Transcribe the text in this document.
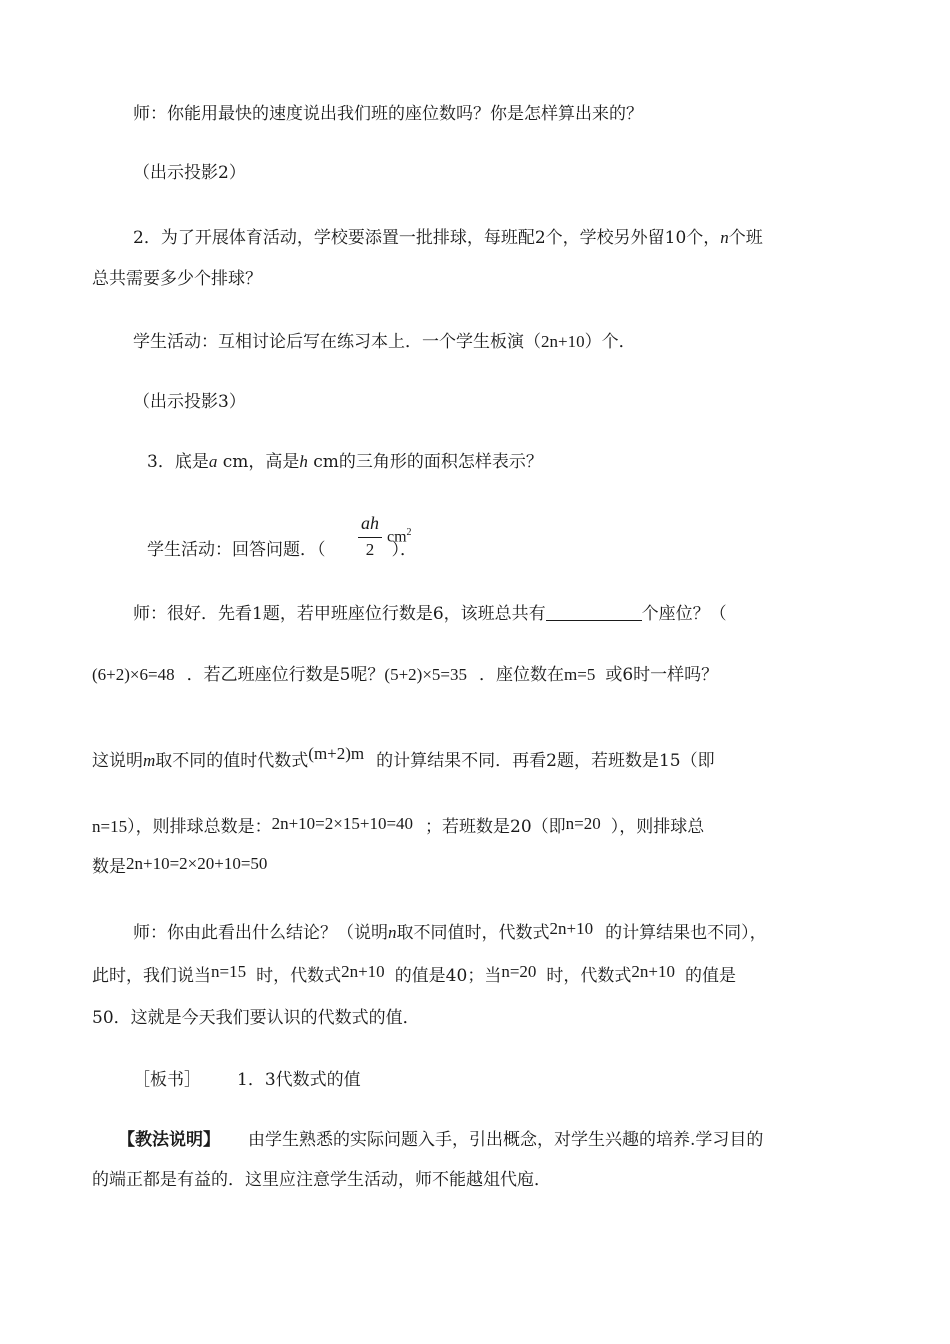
师：你能用最快的速度说出我们班的座位数吗？你是怎样算出来的？
（出示投影2）
2．为了开展体育活动，学校要添置一批排球，每班配2个，学校另外留10个，n个班
总共需要多少个排球？
学生活动：互相讨论后写在练习本上．一个学生板演（2n+10）个．
（出示投影3）
3．底是a cm，高是h cm的三角形的面积怎样表示？
学生活动：回答问题．（	）．
ah
2
$cm^2$
师：很好．先看1题，若甲班座位行数是6，该班总共有	个座位？（
(6+2)×6=48 ．若乙班座位行数是5呢？(5+2)×5=35 ．座位数在m=5 或6时一样吗？
这说明m取不同的值时代数式(m+2)m 的计算结果不同．再看2题，若班数是15（即
n=15），则排球总数是：2n+10=2×15+10=40 ；若班数是20（即n=20 ），则排球总
数是2n+10=2×20+10=50
师：你由此看出什么结论？（说明n取不同值时，代数式2n+10 的计算结果也不同），
此时，我们说当n=15 时，代数式2n+10 的值是40；当n=20 时，代数式2n+10 的值是
50．这就是今天我们要认识的代数式的值．
［板书］ 1．3代数式的值
【教法说明】 由学生熟悉的实际问题入手，引出概念，对学生兴趣的培养.学习目的
的端正都是有益的．这里应注意学生活动，师不能越俎代庖．
